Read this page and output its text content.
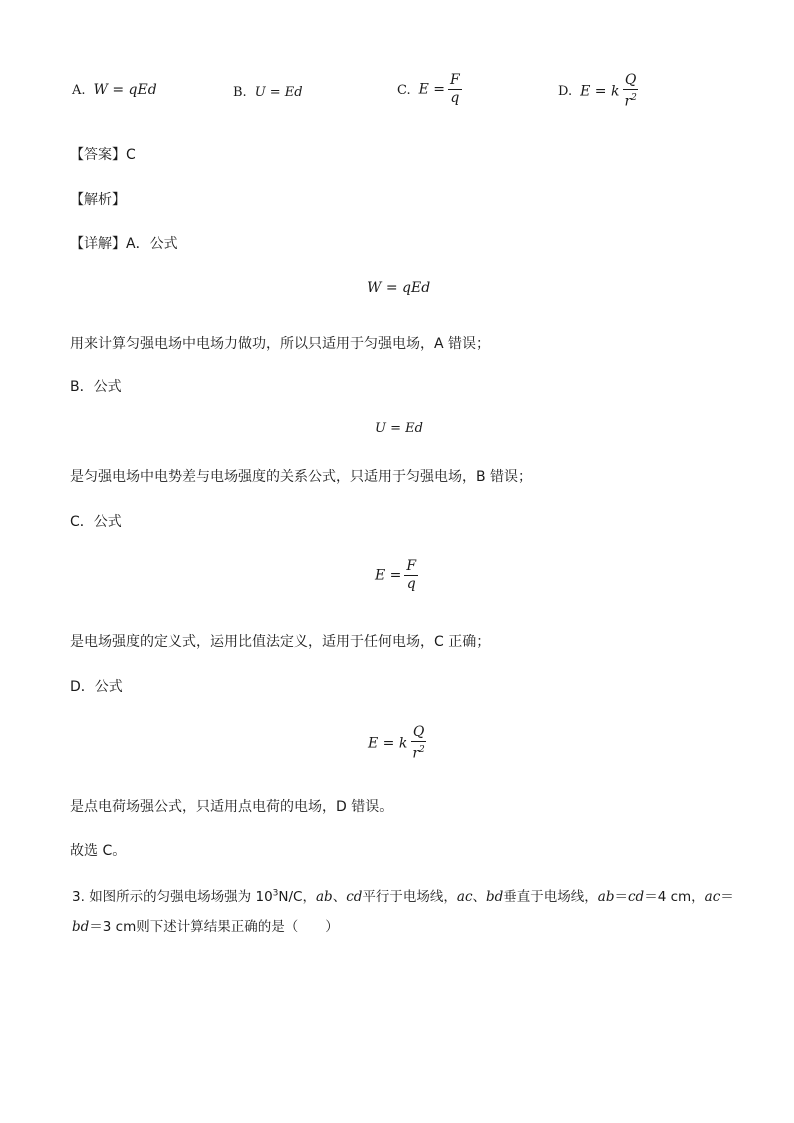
A. W = qEd	B. U = Ed	C. $E = \frac{F}{q}$	D. E = k $\frac{Q}{r^2}$
【答案】C
【解析】
【详解】A．公式
W = qEd
用来计算匀强电场中电场力做功，所以只适用于匀强电场，A 错误；
B．公式
U = Ed
是匀强电场中电势差与电场强度的关系公式，只适用于匀强电场，B 错误；
C．公式
$E = \frac{F}{q}$
是电场强度的定义式，运用比值法定义，适用于任何电场，C 正确；
D．公式
E = k $\frac{Q}{r^2}$
是点电荷场强公式，只适用点电荷的电场，D 错误。
故选 C。
3. 如图所示的匀强电场场强为 $10^3N/C$，ab、cd平行于电场线，ac、bd垂直于电场线，ab＝cd＝4 cm，ac＝
bd＝3 cm则下述计算结果正确的是（　　）
